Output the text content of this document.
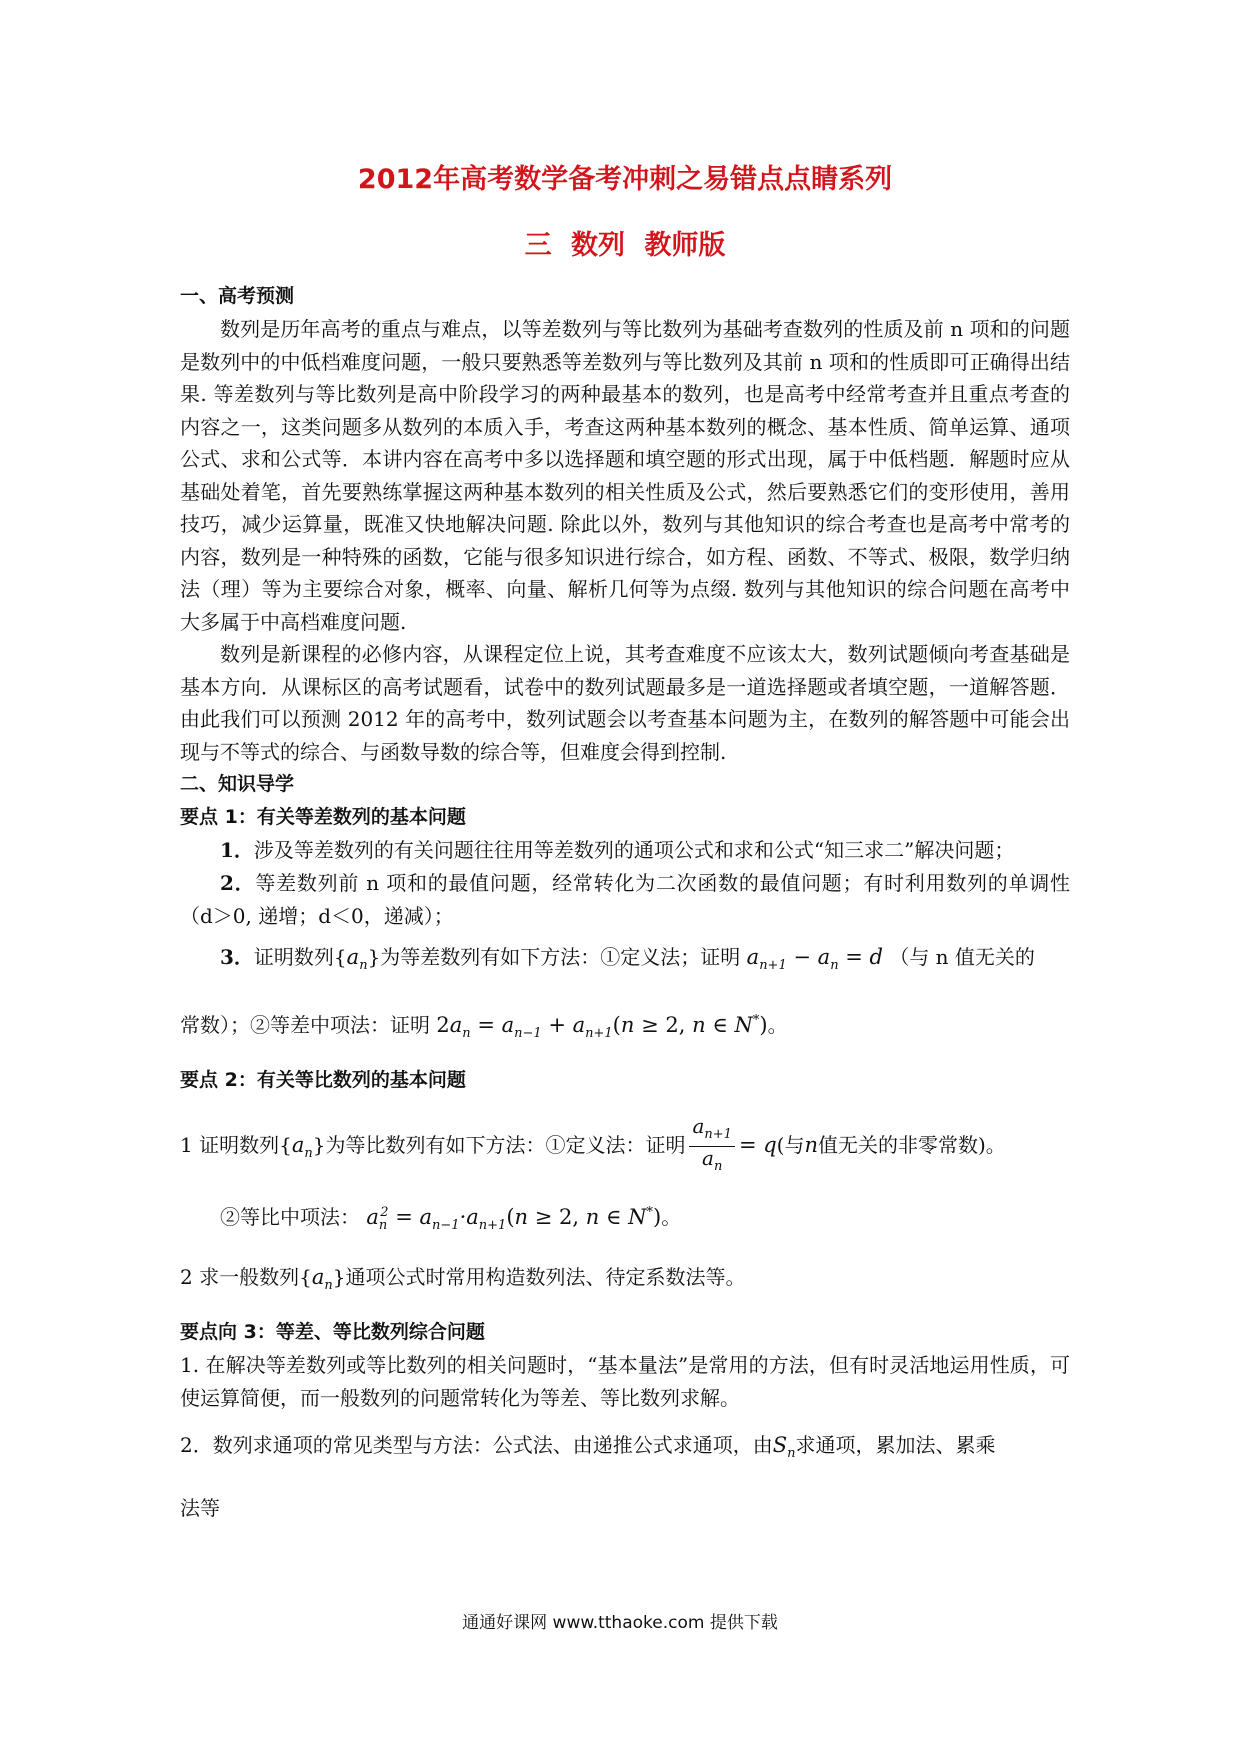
2012年高考数学备考冲刺之易错点点睛系列
三 数列 教师版

一、高考预测

数列是历年高考的重点与难点，以等差数列与等比数列为基础考查数列的性质及前 n 项和的问题是数列中的中低档难度问题，一般只要熟悉等差数列与等比数列及其前 n 项和的性质即可正确得出结果. 等差数列与等比数列是高中阶段学习的两种最基本的数列，也是高考中经常考查并且重点考查的内容之一，这类问题多从数列的本质入手，考查这两种基本数列的概念、基本性质、简单运算、通项公式、求和公式等．本讲内容在高考中多以选择题和填空题的形式出现，属于中低档题．解题时应从基础处着笔，首先要熟练掌握这两种基本数列的相关性质及公式，然后要熟悉它们的变形使用，善用技巧，减少运算量，既准又快地解决问题. 除此以外，数列与其他知识的综合考查也是高考中常考的内容，数列是一种特殊的函数，它能与很多知识进行综合，如方程、函数、不等式、极限，数学归纳法（理）等为主要综合对象，概率、向量、解析几何等为点缀. 数列与其他知识的综合问题在高考中大多属于中高档难度问题.

数列是新课程的必修内容，从课程定位上说，其考查难度不应该太大，数列试题倾向考查基础是基本方向．从课标区的高考试题看，试卷中的数列试题最多是一道选择题或者填空题，一道解答题．由此我们可以预测 2012 年的高考中，数列试题会以考查基本问题为主，在数列的解答题中可能会出现与不等式的综合、与函数导数的综合等，但难度会得到控制.

二、知识导学

要点 1：有关等差数列的基本问题

1．涉及等差数列的有关问题往往用等差数列的通项公式和求和公式“知三求二”解决问题；

2．等差数列前 n 项和的最值问题，经常转化为二次函数的最值问题；有时利用数列的单调性（d＞0, 递增；d＜0，递减）；

3．证明数列$\{a_n\}$为等差数列有如下方法：①定义法；证明 $a_{n+1} - a_n = d$ （与 n 值无关的

常数）；②等差中项法：证明 $2a_n = a_{n-1} + a_{n+1}(n \ge 2$, n ∈ N*)。

要点 2：有关等比数列的基本问题

1 证明数列$\{a_n\}$为等比数列有如下方法：①定义法：证明 $\frac{a_{n+1}}{a_n} = q$(与n值无关的非零常数)。

②等比中项法： $a_n^2 = a_{n-1}\cdot a_{n+1}(n \ge 2$, n ∈ N*)。

2 求一般数列$\{a_n\}$通项公式时常用构造数列法、待定系数法等。

要点向 3：等差、等比数列综合问题

1. 在解决等差数列或等比数列的相关问题时，“基本量法”是常用的方法，但有时灵活地运用性质，可使运算简便，而一般数列的问题常转化为等差、等比数列求解。

2．数列求通项的常见类型与方法：公式法、由递推公式求通项，由$S_n$求通项，累加法、累乘

法等

通通好课网 www.tthaoke.com 提供下载
